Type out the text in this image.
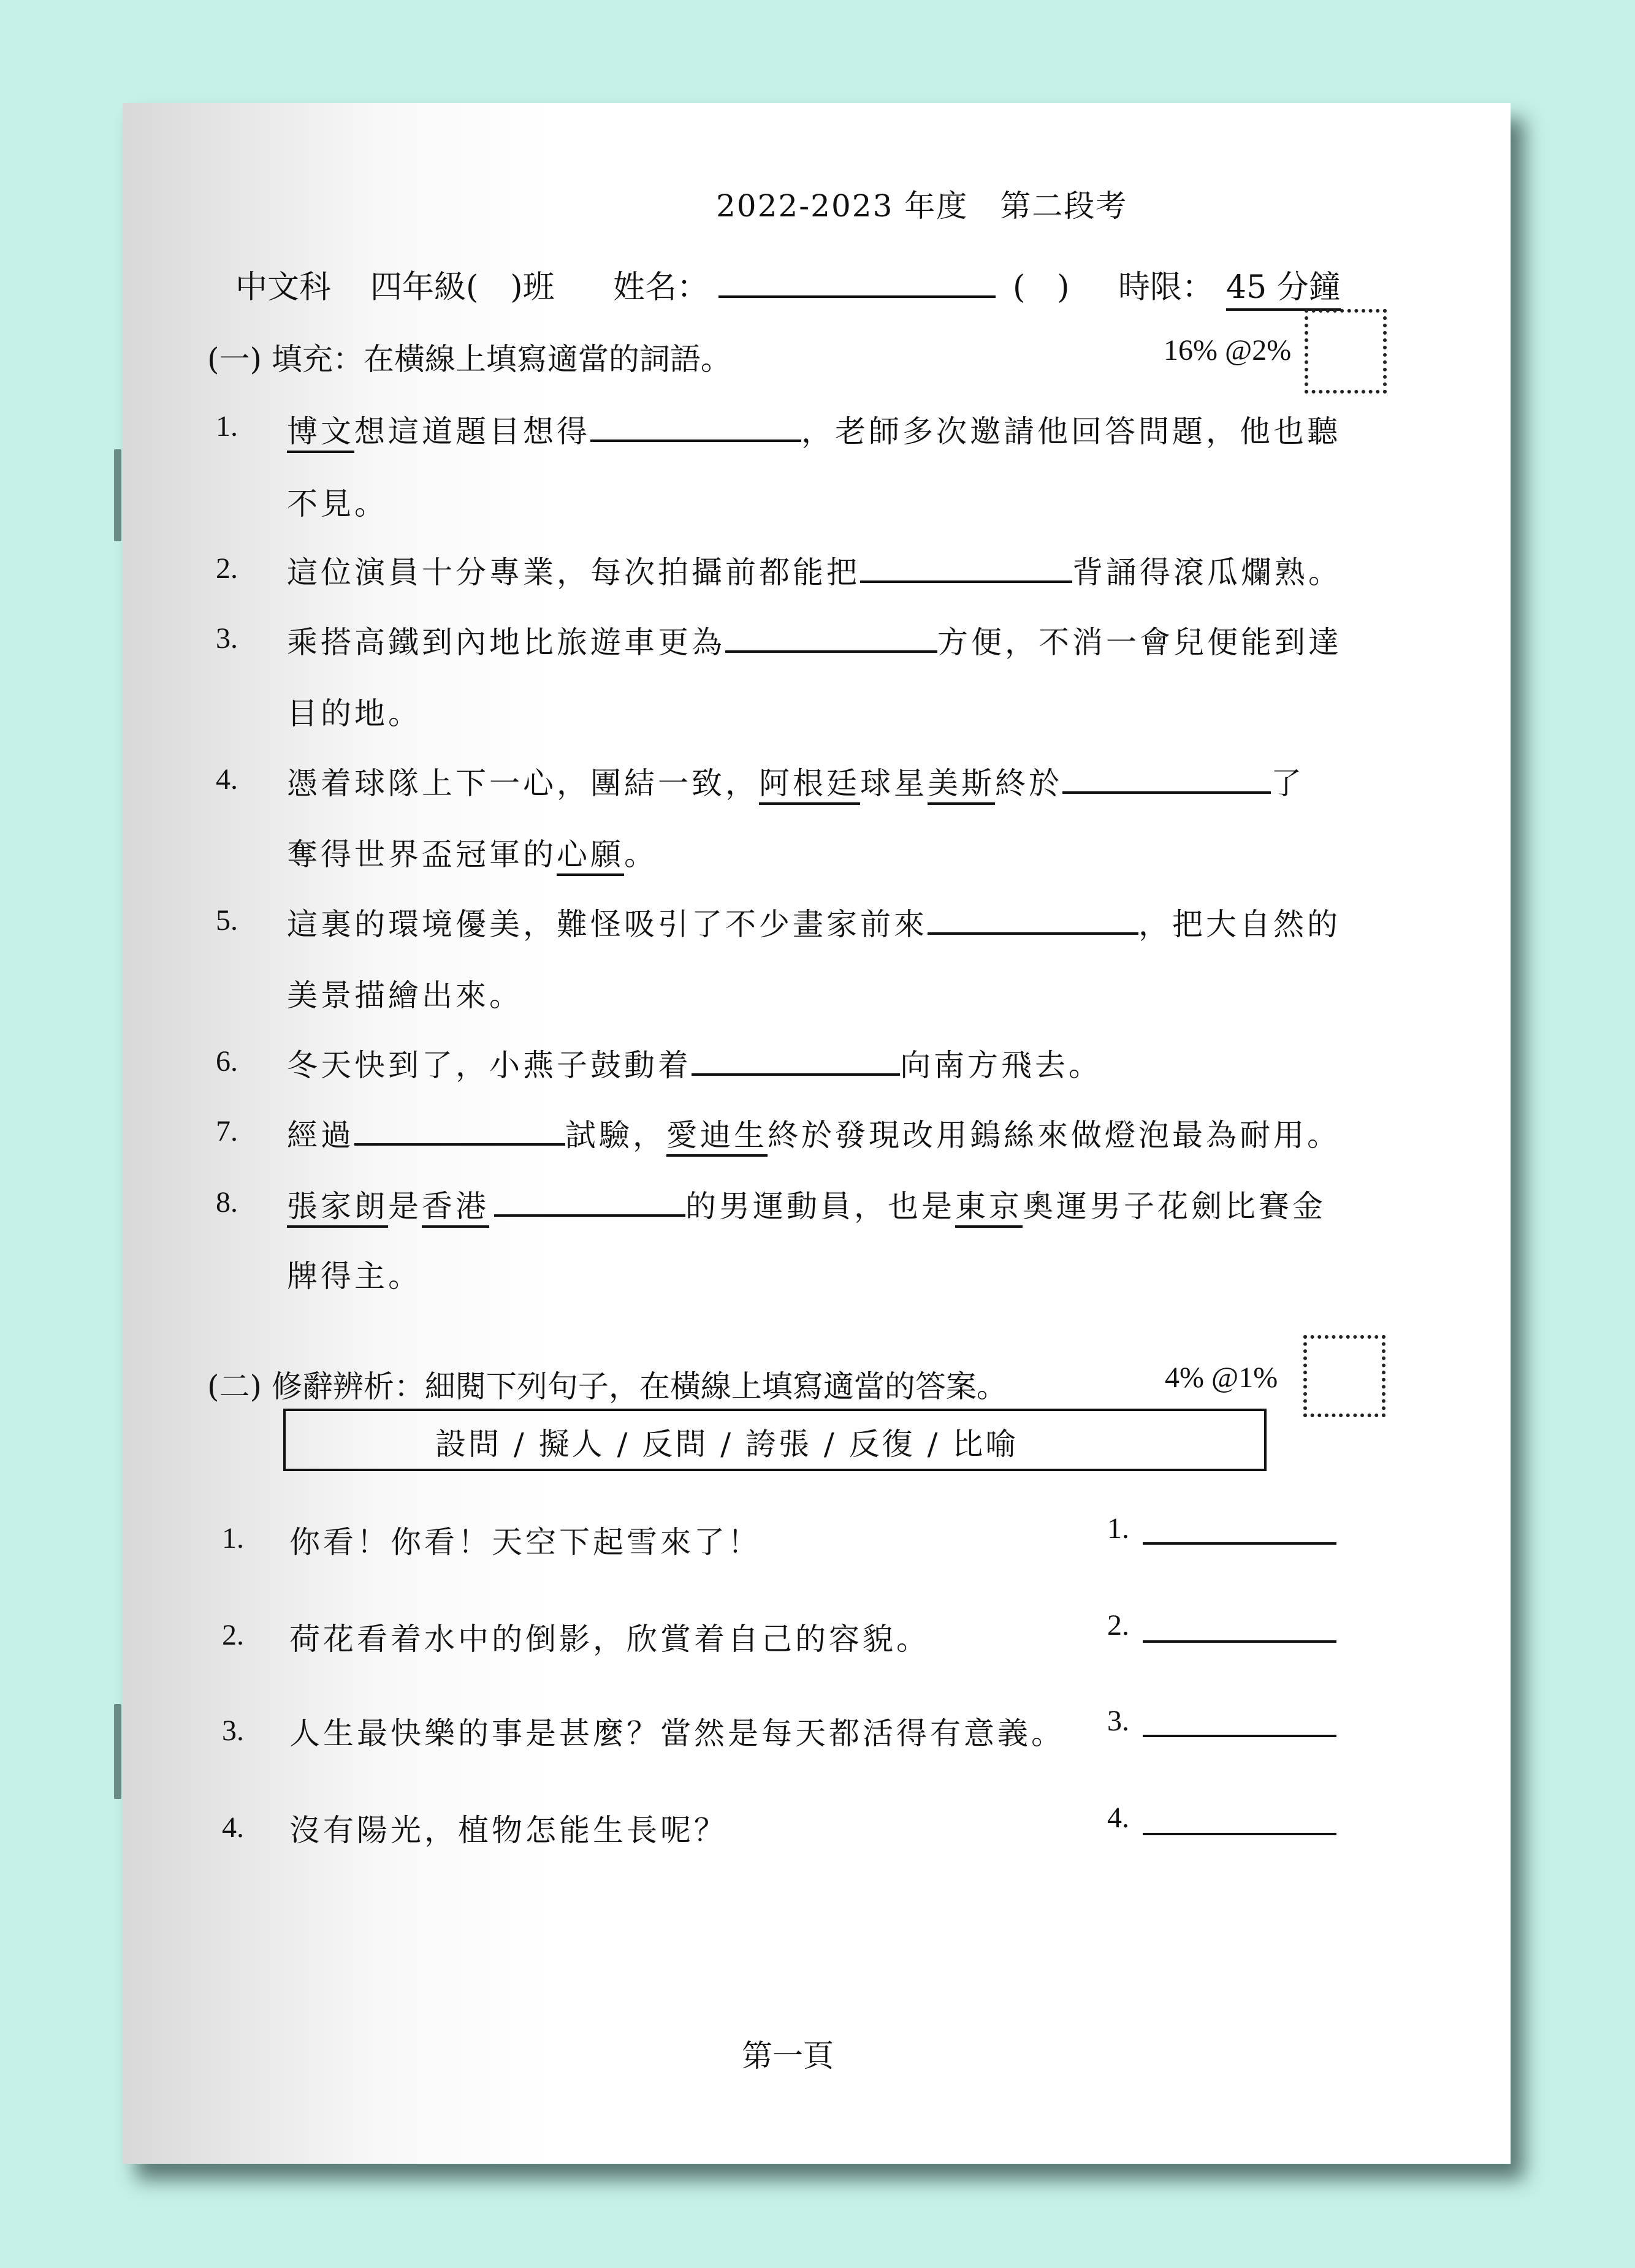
2022-2023 年度　第二段考
中文科 四年級(　)班 姓名：	(　) 時限： 45 分鐘
(一) 填充：在橫線上填寫適當的詞語。	16% @2%
1. 博文想這道題目想得	，老師多次邀請他回答問題，他也聽
不見。
2. 這位演員十分專業，每次拍攝前都能把	背誦得滾瓜爛熟。
3. 乘搭高鐵到內地比旅遊車更為	方便，不消一會兒便能到達
目的地。
4. 憑着球隊上下一心，團結一致，阿根廷球星美斯終於	了
奪得世界盃冠軍的心願。
5. 這裏的環境優美，難怪吸引了不少畫家前來	，把大自然的
美景描繪出來。
6. 冬天快到了，小燕子鼓動着	向南方飛去。
7. 經過	試驗，愛迪生終於發現改用鎢絲來做燈泡最為耐用。
8. 張家朗是香港	的男運動員，也是東京奧運男子花劍比賽金
牌得主。
(二) 修辭辨析：細閱下列句子，在橫線上填寫適當的答案。	4% @1%
設問 / 擬人 / 反問 / 誇張 / 反復 / 比喻
1. 你看！你看！天空下起雪來了！	1.
2. 荷花看着水中的倒影，欣賞着自己的容貌。	2.
3. 人生最快樂的事是甚麼？當然是每天都活得有意義。 3.
4. 沒有陽光，植物怎能生長呢？	4.
第一頁
